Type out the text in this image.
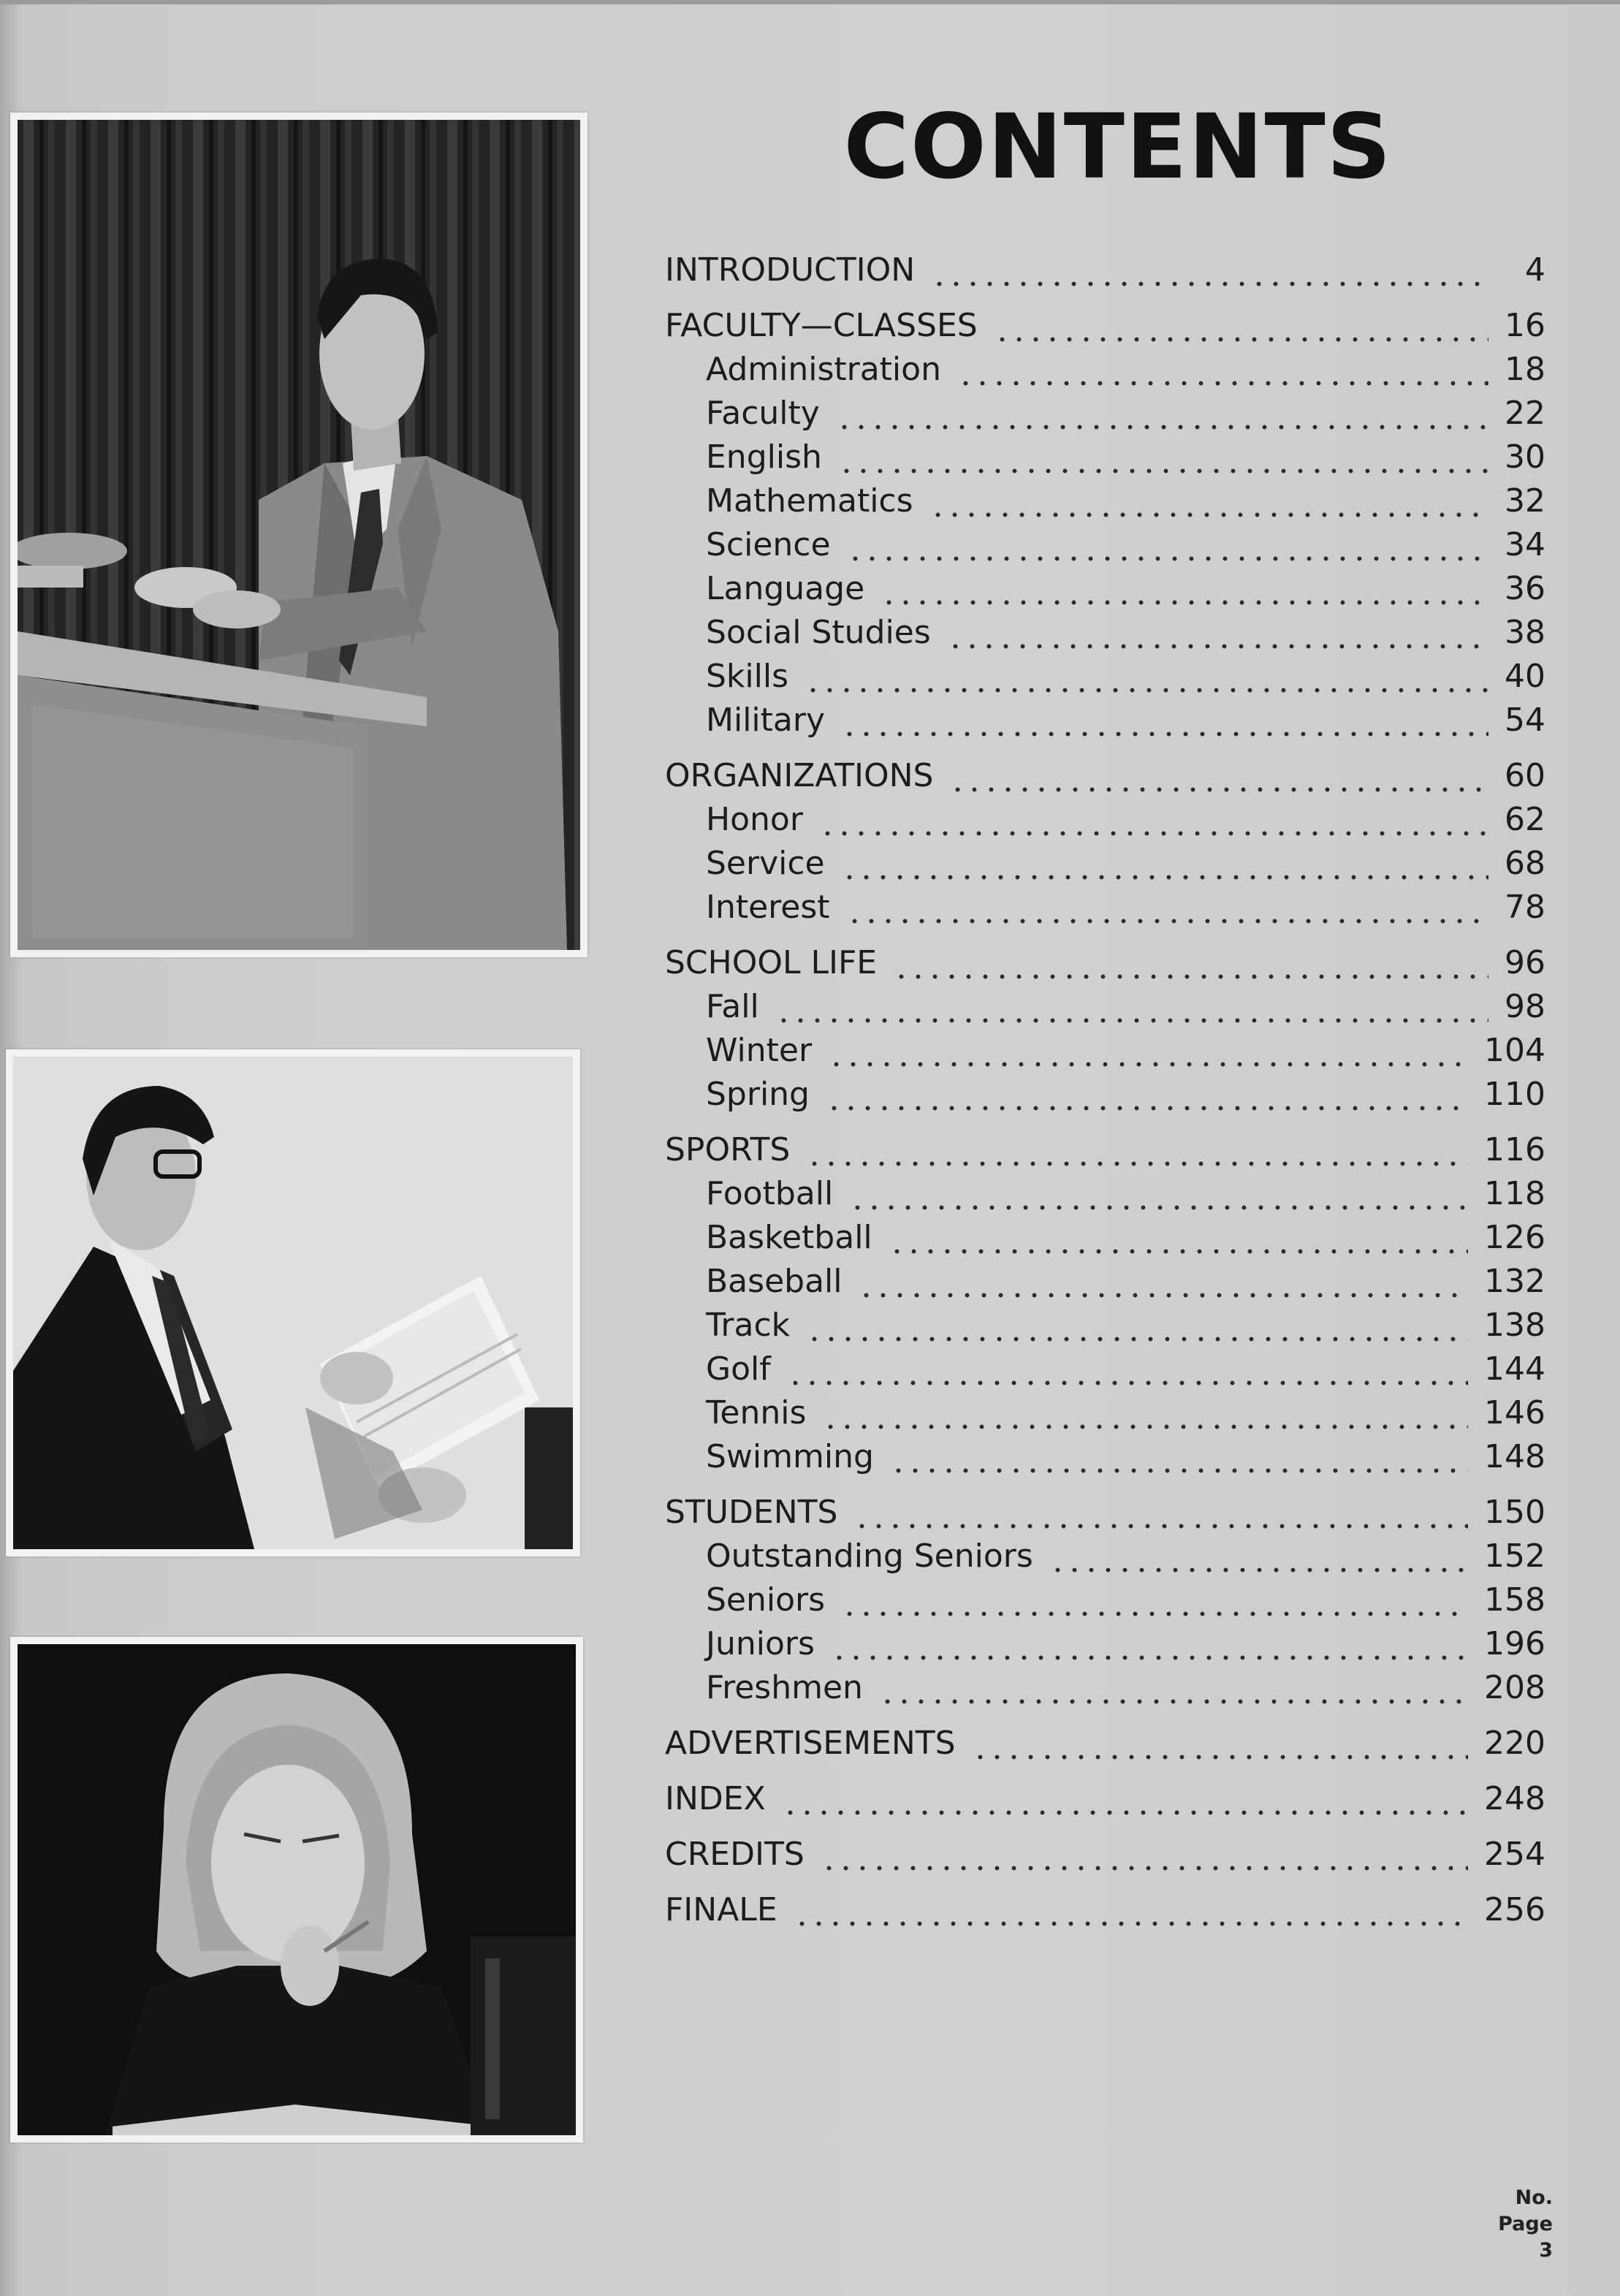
CONTENTS
INTRODUCTION	4
FACULTY—CLASSES	16
Administration	18
Faculty	22
English	30
Mathematics	32
Science	34
Language	36
Social Studies	38
Skills	40
Military	54
ORGANIZATIONS	60
Honor	62
Service	68
Interest	78
SCHOOL LIFE	96
Fall	98
Winter	104
Spring	110
SPORTS	116
Football	118
Basketball	126
Baseball	132
Track	138
Golf	144
Tennis	146
Swimming	148
STUDENTS	150
Outstanding Seniors	152
Seniors	158
Juniors	196
Freshmen	208
ADVERTISEMENTS	220
INDEX	248
CREDITS	254
FINALE	256
No.
Page
3
